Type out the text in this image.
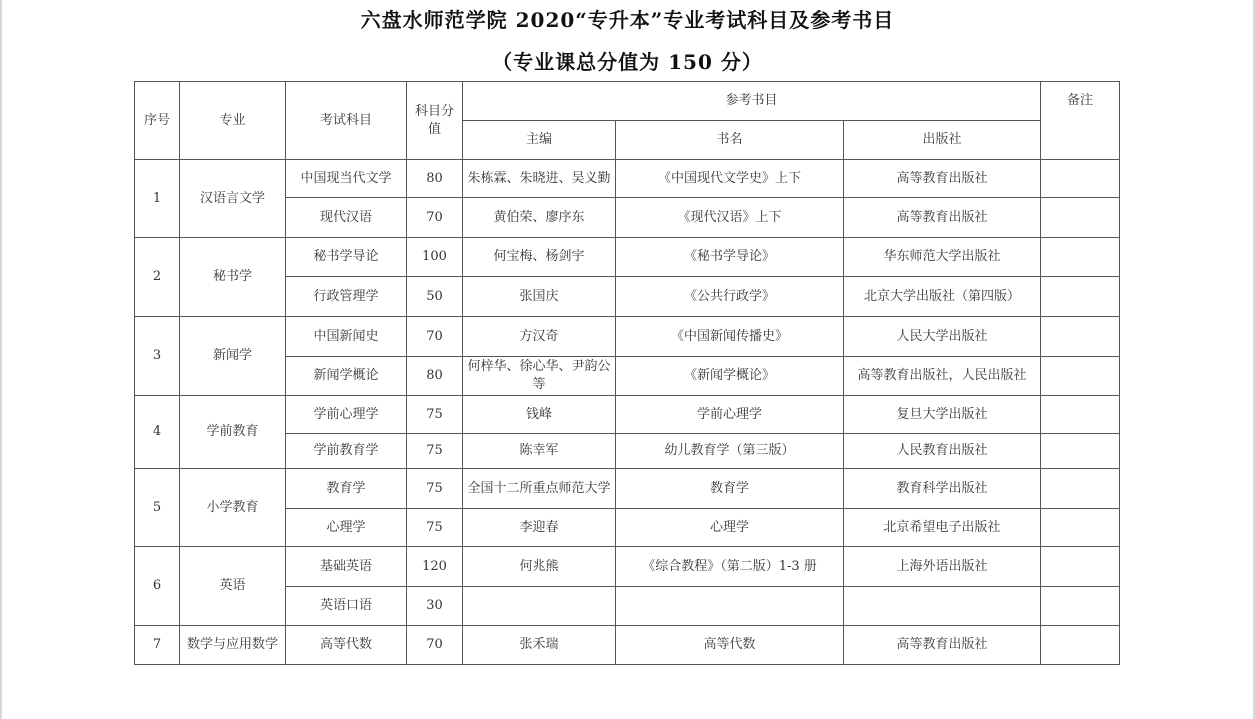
六盘水师范学院 2020“专升本”专业考试科目及参考书目
（专业课总分值为 150 分）
序号	专业	考试科目	科目分值	参考书目			备注
				主编	书名	出版社	
1	汉语言文学	中国现当代文学	80	朱栋霖、朱晓进、吴义勤	《中国现代文学史》上下	高等教育出版社	

		现代汉语	70	黄伯荣、廖序东	《现代汉语》上下	高等教育出版社	

2	秘书学	秘书学导论	100	何宝梅、杨剑宇	《秘书学导论》	华东师范大学出版社	

		行政管理学	50	张国庆	《公共行政学》	北京大学出版社（第四版）	

3	新闻学	中国新闻史	70	方汉奇	《中国新闻传播史》	人民大学出版社	

		新闻学概论	80	何梓华、徐心华、尹韵公等	《新闻学概论》	高等教育出版社，人民出版社	

4	学前教育	学前心理学	75	钱峰	学前心理学	复旦大学出版社	

		学前教育学	75	陈幸军	幼儿教育学（第三版）	人民教育出版社	

5	小学教育	教育学	75	全国十二所重点师范大学	教育学	教育科学出版社	

		心理学	75	李迎春	心理学	北京希望电子出版社	

6	英语	基础英语	120	何兆熊	《综合教程》（第二版）1-3 册	上海外语出版社	

		英语口语	30				

7	数学与应用数学	高等代数	70	张禾瑞	高等代数	高等教育出版社	
